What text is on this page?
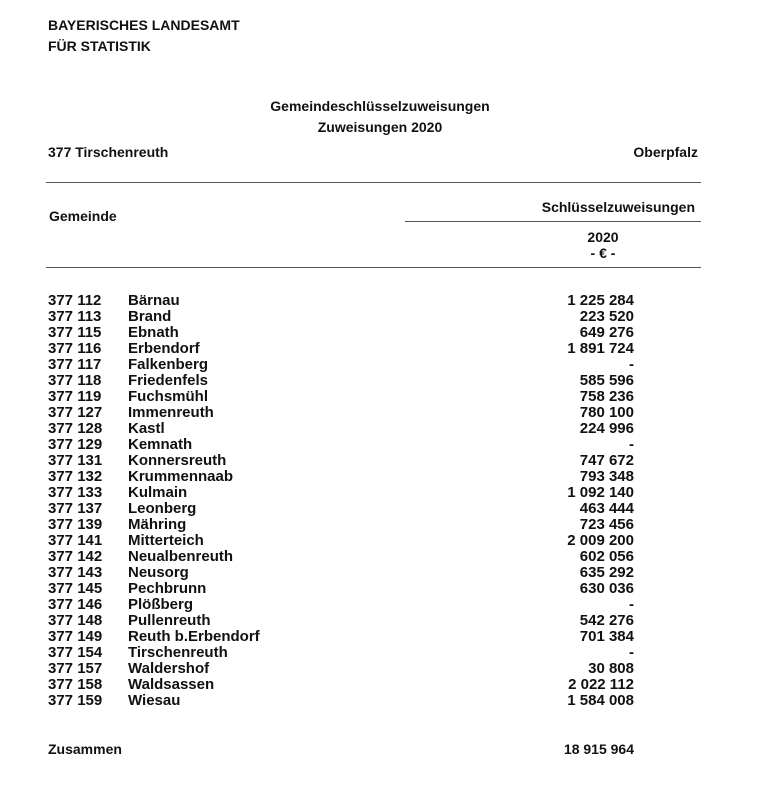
BAYERISCHES LANDESAMT
FÜR STATISTIK
Gemeindeschlüsselzuweisungen
Zuweisungen 2020
377 Tirschenreuth	Oberpfalz
Gemeinde
Schlüsselzuweisungen
2020
- € -
377 112 Bärnau	1 225 284
377 113 Brand	223 520
377 115 Ebnath	649 276
377 116 Erbendorf	1 891 724
377 117 Falkenberg	-
377 118 Friedenfels	585 596
377 119 Fuchsmühl	758 236
377 127 Immenreuth	780 100
377 128 Kastl	224 996
377 129 Kemnath	-
377 131 Konnersreuth	747 672
377 132 Krummennaab	793 348
377 133 Kulmain	1 092 140
377 137 Leonberg	463 444
377 139 Mähring	723 456
377 141 Mitterteich	2 009 200
377 142 Neualbenreuth	602 056
377 143 Neusorg	635 292
377 145 Pechbrunn	630 036
377 146 Plößberg	-
377 148 Pullenreuth	542 276
377 149 Reuth b.Erbendorf	701 384
377 154 Tirschenreuth	-
377 157 Waldershof	30 808
377 158 Waldsassen	2 022 112
377 159 Wiesau	1 584 008
Zusammen	18 915 964
